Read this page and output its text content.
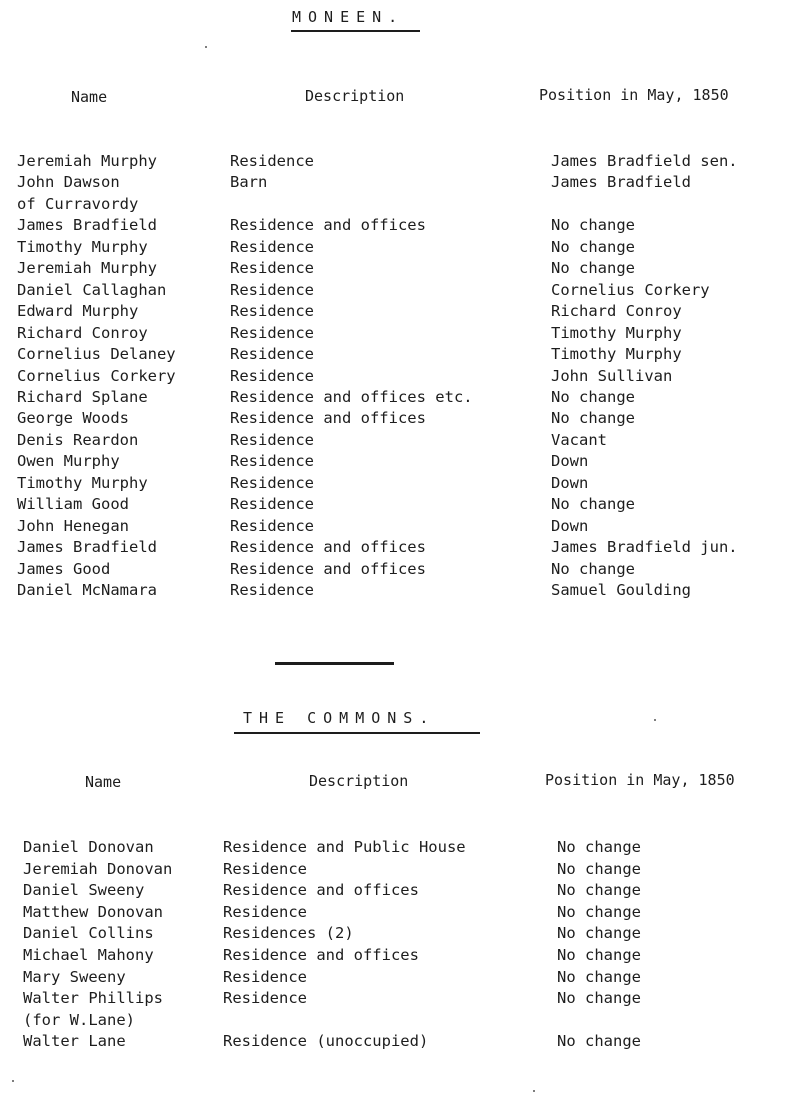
MONEEN.
Name	Description	Position in May, 1850
Jeremiah Murphy	Residence	James Bradfield sen.
John Dawson	Barn	James Bradfield
of Curravordy
James Bradfield	Residence and offices	No change
Timothy Murphy	Residence	No change
Jeremiah Murphy	Residence	No change
Daniel Callaghan	Residence	Cornelius Corkery
Edward Murphy	Residence	Richard Conroy
Richard Conroy	Residence	Timothy Murphy
Cornelius Delaney	Residence	Timothy Murphy
Cornelius Corkery	Residence	John Sullivan
Richard Splane	Residence and offices etc.	No change
George Woods	Residence and offices	No change
Denis Reardon	Residence	Vacant
Owen Murphy	Residence	Down
Timothy Murphy	Residence	Down
William Good	Residence	No change
John Henegan	Residence	Down
James Bradfield	Residence and offices	James Bradfield jun.
James Good	Residence and offices	No change
Daniel McNamara	Residence	Samuel Goulding
THE COMMONS.
Name	Description	Position in May, 1850
Daniel Donovan	Residence and Public House	No change
Jeremiah Donovan	Residence	No change
Daniel Sweeny	Residence and offices	No change
Matthew Donovan	Residence	No change
Daniel Collins	Residences (2)	No change
Michael Mahony	Residence and offices	No change
Mary Sweeny	Residence	No change
Walter Phillips	Residence	No change
(for W.Lane)
Walter Lane	Residence (unoccupied)	No change
